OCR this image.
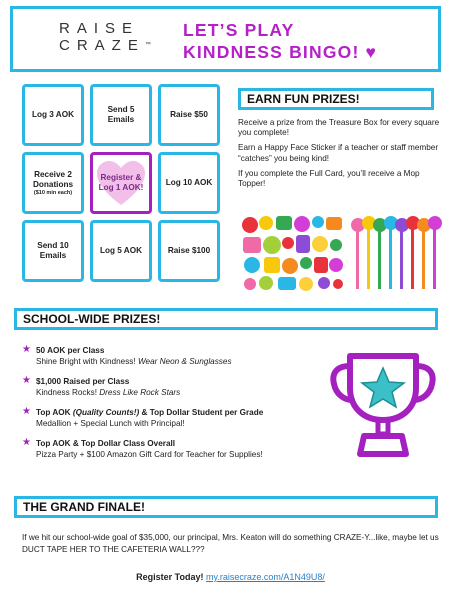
RAISE
CRAZE™
LET’S PLAY
KINDNESS BINGO! ♥
Log 3 AOK
Send 5 Emails
Raise $50
Receive 2 Donations
($10 min each)
Register & Log 1 AOK!
Log 10 AOK
Send 10 Emails
Log 5 AOK	Raise $100
EARN FUN PRIZES!

Receive a prize from the Treasure Box for every square you complete!

Earn a Happy Face Sticker if a teacher or staff member “catches” you being kind!

If you complete the Full Card, you’ll receive a Mop Topper!

SCHOOL-WIDE PRIZES!
★ 50 AOK per Class
Shine Bright with Kindness! Wear Neon & Sunglasses
★ $1,000 Raised per Class
Kindness Rocks! Dress Like Rock Stars
★ Top AOK (Quality Counts!) & Top Dollar Student per Grade
Medallion + Special Lunch with Principal!
★ Top AOK & Top Dollar Class Overall
Pizza Party + $100 Amazon Gift Card for Teacher for Supplies!
THE GRAND FINALE!
If we hit our school-wide goal of $35,000, our principal, Mrs. Keaton will do something CRAZE-Y...like, maybe let us DUCT TAPE HER TO THE CAFETERIA WALL???
Register Today! my.raisecraze.com/A1N49U8/
